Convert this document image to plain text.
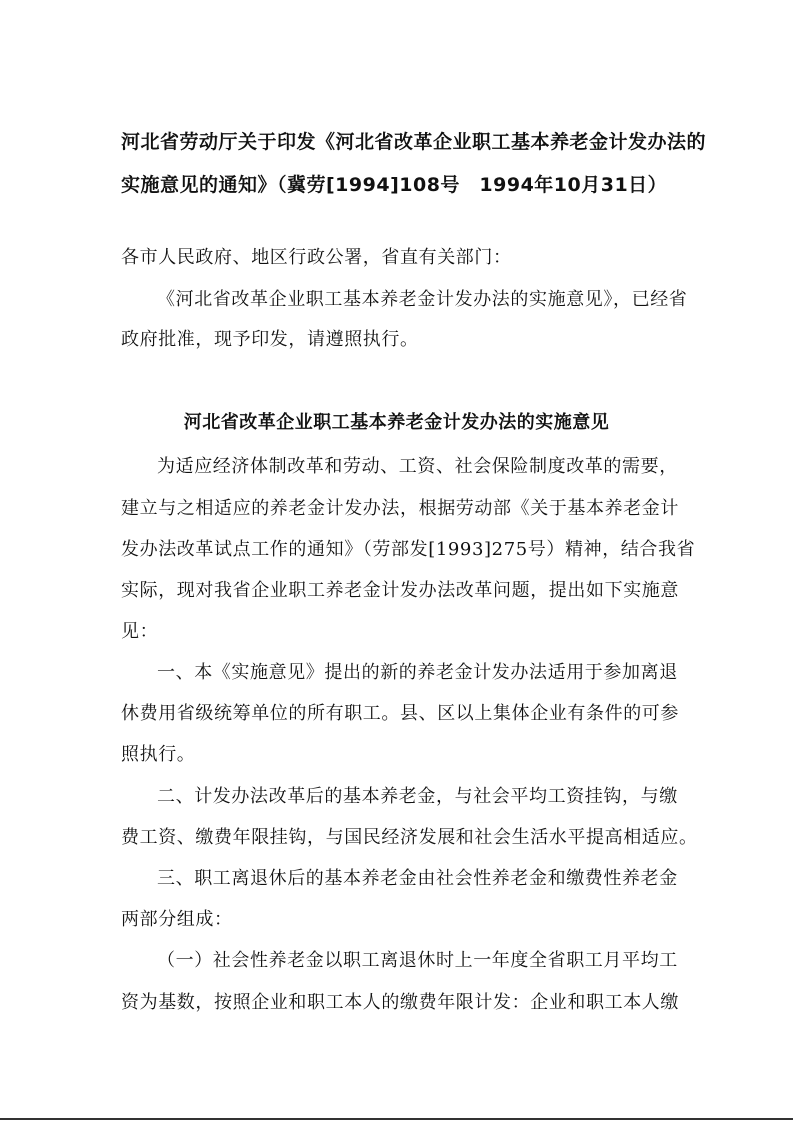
河北省劳动厅关于印发《河北省改革企业职工基本养老金计发办法的
实施意见的通知》（冀劳[1994]108号　1994年10月31日）
各市人民政府、地区行政公署，省直有关部门：
《河北省改革企业职工基本养老金计发办法的实施意见》，已经省
政府批准，现予印发，请遵照执行。
河北省改革企业职工基本养老金计发办法的实施意见
为适应经济体制改革和劳动、工资、社会保险制度改革的需要，
建立与之相适应的养老金计发办法，根据劳动部《关于基本养老金计
发办法改革试点工作的通知》（劳部发[1993]275号）精神，结合我省
实际，现对我省企业职工养老金计发办法改革问题，提出如下实施意
见：
一、本《实施意见》提出的新的养老金计发办法适用于参加离退
休费用省级统筹单位的所有职工。县、区以上集体企业有条件的可参
照执行。
二、计发办法改革后的基本养老金，与社会平均工资挂钩，与缴
费工资、缴费年限挂钩，与国民经济发展和社会生活水平提高相适应。
三、职工离退休后的基本养老金由社会性养老金和缴费性养老金
两部分组成：
（一）社会性养老金以职工离退休时上一年度全省职工月平均工
资为基数，按照企业和职工本人的缴费年限计发：企业和职工本人缴
